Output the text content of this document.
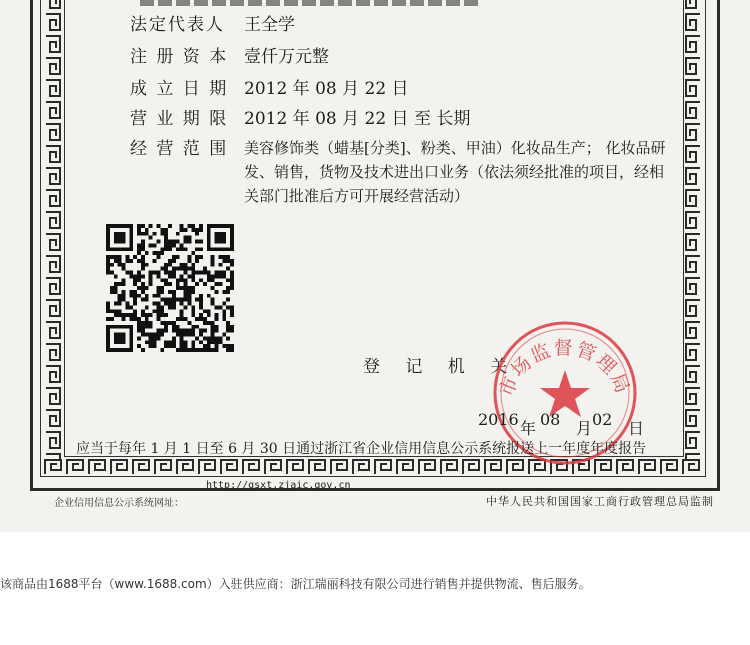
法定代表人	王全学
注 册 资 本 壹仟万元整
成 立 日 期 2012 年 08 月 22 日
营 业 期 限 2012 年 08 月 22 日 至 长期
经 营 范 围 美容修饰类（蜡基[分类]、粉类、甲油）化妆品生产； 化妆品研发、销售，货物及技术进出口业务（依法须经批准的项目，经相关部门批准后方可开展经营活动）
登 记 机 关
市场监督管理局
2016 年 08 月 02 日
应当于每年 1 月 1 日至 6 月 30 日通过浙江省企业信用信息公示系统报送上一年度年度报告
http://gsxt.zjaic.gov.cn
企业信用信息公示系统网址：	中华人民共和国国家工商行政管理总局监制
该商品由1688平台（www.1688.com）入驻供应商：浙江瑞丽科技有限公司进行销售并提供物流、售后服务。
